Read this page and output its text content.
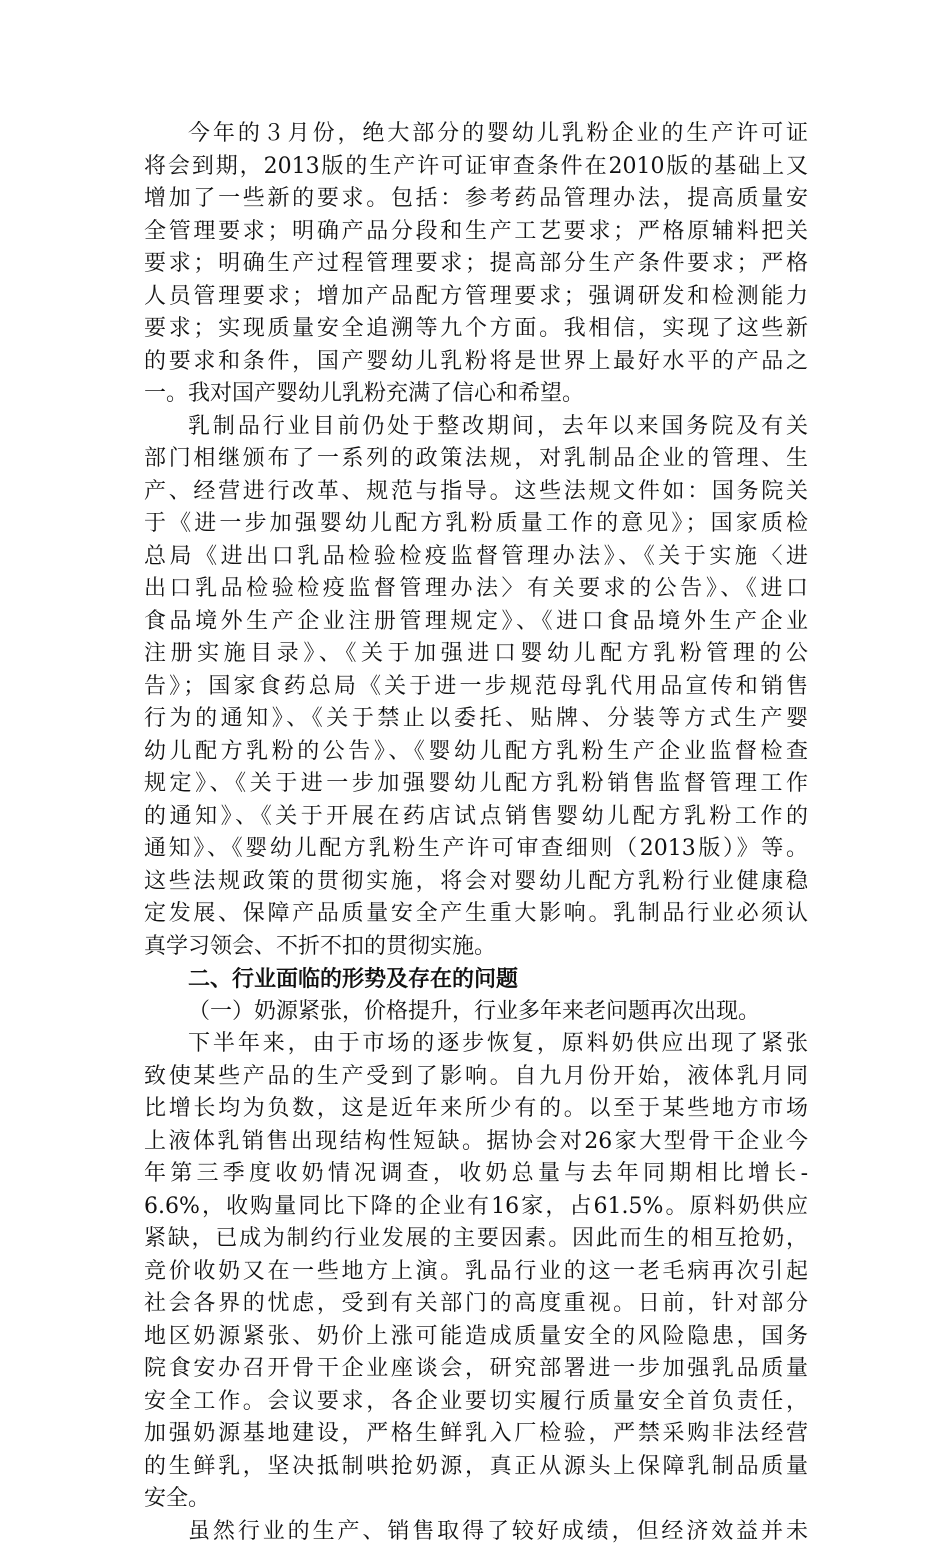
今年的３月份，绝大部分的婴幼儿乳粉企业的生产许可证
将会到期，2013版的生产许可证审查条件在2010版的基础上又
增加了一些新的要求。包括：参考药品管理办法，提高质量安
全管理要求；明确产品分段和生产工艺要求；严格原辅料把关
要求；明确生产过程管理要求；提高部分生产条件要求；严格
人员管理要求；增加产品配方管理要求；强调研发和检测能力
要求；实现质量安全追溯等九个方面。我相信，实现了这些新
的要求和条件，国产婴幼儿乳粉将是世界上最好水平的产品之
一。我对国产婴幼儿乳粉充满了信心和希望。
乳制品行业目前仍处于整改期间，去年以来国务院及有关
部门相继颁布了一系列的政策法规，对乳制品企业的管理、生
产、经营进行改革、规范与指导。这些法规文件如：国务院关
于《进一步加强婴幼儿配方乳粉质量工作的意见》；国家质检
总局《进出口乳品检验检疫监督管理办法》、《关于实施〈进
出口乳品检验检疫监督管理办法〉有关要求的公告》、《进口
食品境外生产企业注册管理规定》、《进口食品境外生产企业
注册实施目录》、《关于加强进口婴幼儿配方乳粉管理的公
告》；国家食药总局《关于进一步规范母乳代用品宣传和销售
行为的通知》、《关于禁止以委托、贴牌、分装等方式生产婴
幼儿配方乳粉的公告》、《婴幼儿配方乳粉生产企业监督检查
规定》、《关于进一步加强婴幼儿配方乳粉销售监督管理工作
的通知》、《关于开展在药店试点销售婴幼儿配方乳粉工作的
通知》、《婴幼儿配方乳粉生产许可审查细则（2013版）》等。
这些法规政策的贯彻实施，将会对婴幼儿配方乳粉行业健康稳
定发展、保障产品质量安全产生重大影响。乳制品行业必须认
真学习领会、不折不扣的贯彻实施。
二、行业面临的形势及存在的问题
（一）奶源紧张，价格提升，行业多年来老问题再次出现。
下半年来，由于市场的逐步恢复，原料奶供应出现了紧张
致使某些产品的生产受到了影响。自九月份开始，液体乳月同
比增长均为负数，这是近年来所少有的。以至于某些地方市场
上液体乳销售出现结构性短缺。据协会对26家大型骨干企业今
年第三季度收奶情况调查，收奶总量与去年同期相比增长-
6.6%，收购量同比下降的企业有16家，占61.5%。原料奶供应
紧缺，已成为制约行业发展的主要因素。因此而生的相互抢奶，
竞价收奶又在一些地方上演。乳品行业的这一老毛病再次引起
社会各界的忧虑，受到有关部门的高度重视。日前，针对部分
地区奶源紧张、奶价上涨可能造成质量安全的风险隐患，国务
院食安办召开骨干企业座谈会，研究部署进一步加强乳品质量
安全工作。会议要求，各企业要切实履行质量安全首负责任，
加强奶源基地建设，严格生鲜乳入厂检验，严禁采购非法经营
的生鲜乳，坚决抵制哄抢奶源，真正从源头上保障乳制品质量
安全。
虽然行业的生产、销售取得了较好成绩，但经济效益并未
